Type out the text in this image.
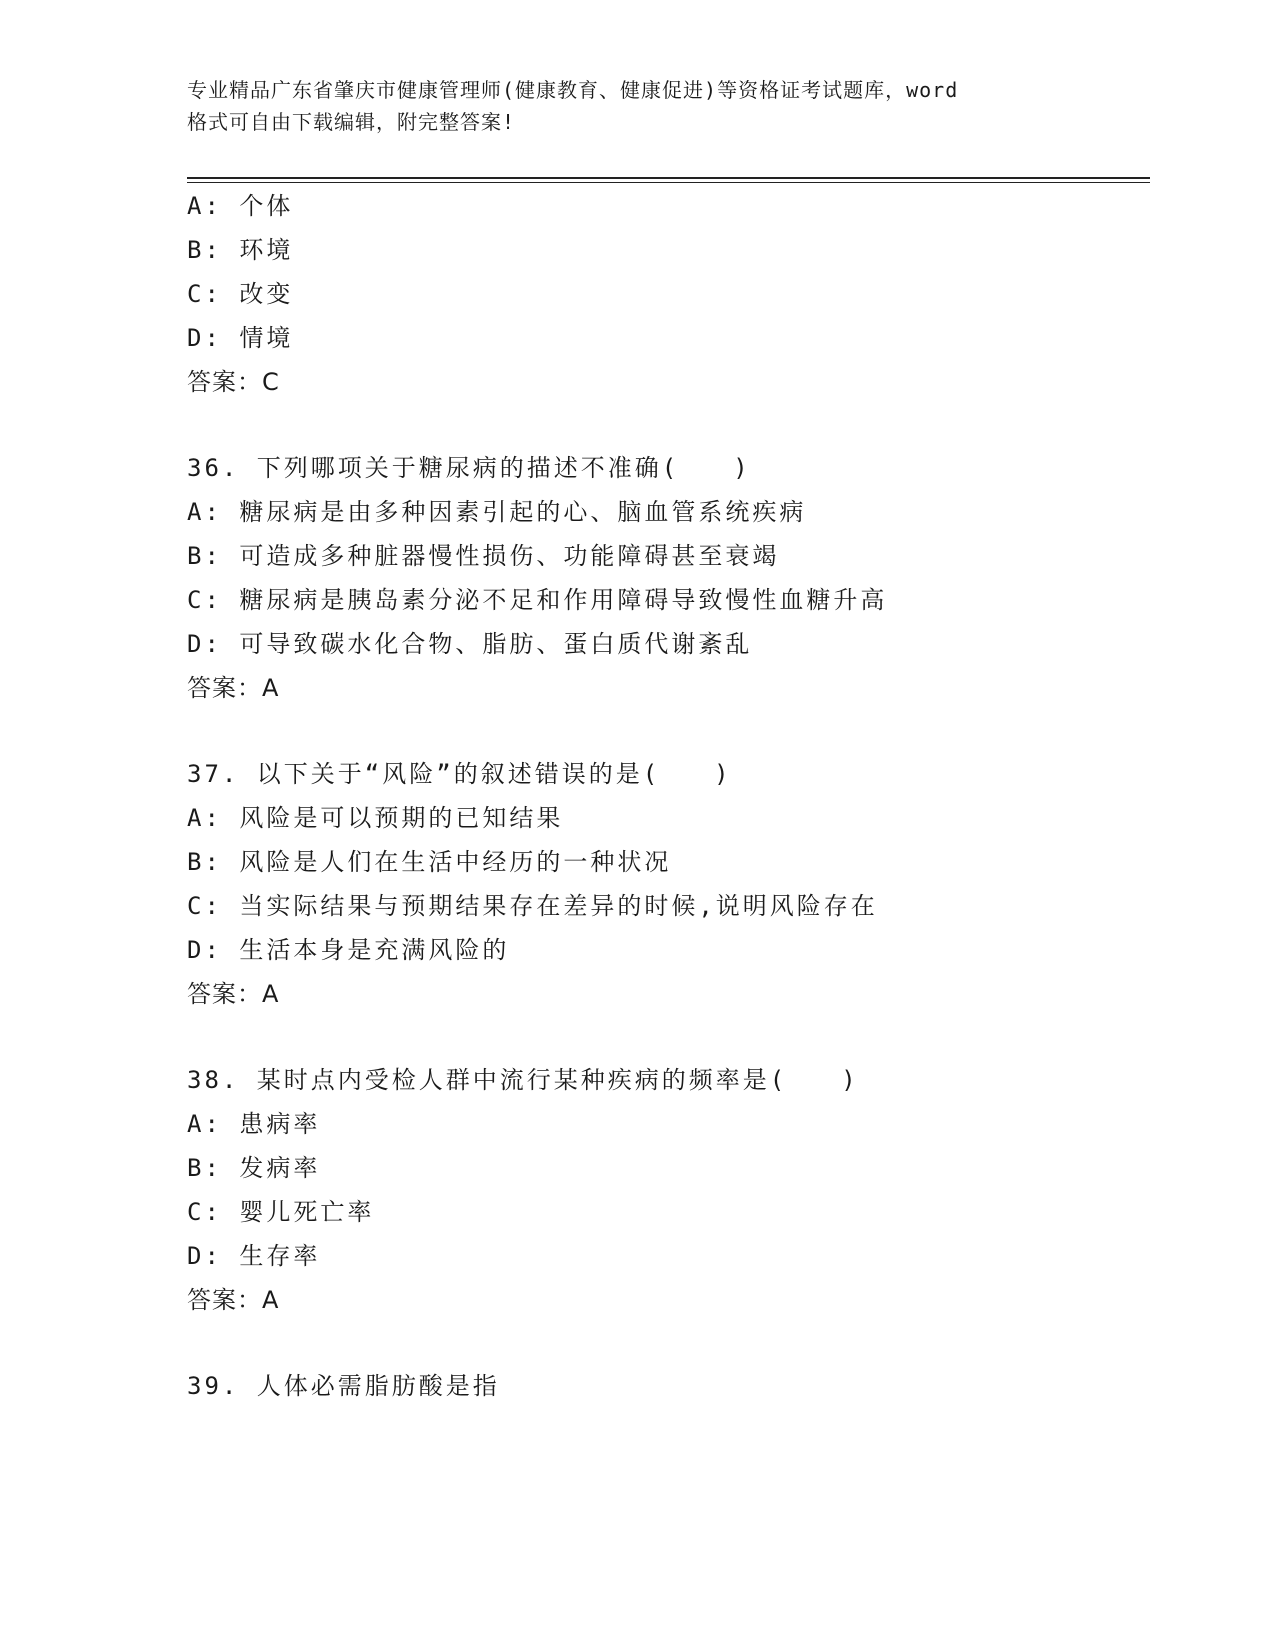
专业精品广东省肇庆市健康管理师(健康教育、健康促进)等资格证考试题库，word
格式可自由下载编辑，附完整答案!
A: 个体
B: 环境
C: 改变
D: 情境
答案：C
36. 下列哪项关于糖尿病的描述不准确(　　)
A: 糖尿病是由多种因素引起的心、脑血管系统疾病
B: 可造成多种脏器慢性损伤、功能障碍甚至衰竭
C: 糖尿病是胰岛素分泌不足和作用障碍导致慢性血糖升高
D: 可导致碳水化合物、脂肪、蛋白质代谢紊乱
答案：A
37. 以下关于“风险”的叙述错误的是(　　)
A: 风险是可以预期的已知结果
B: 风险是人们在生活中经历的一种状况
C: 当实际结果与预期结果存在差异的时候,说明风险存在
D: 生活本身是充满风险的
答案：A
38. 某时点内受检人群中流行某种疾病的频率是(　　)
A: 患病率
B: 发病率
C: 婴儿死亡率
D: 生存率
答案：A
39. 人体必需脂肪酸是指
